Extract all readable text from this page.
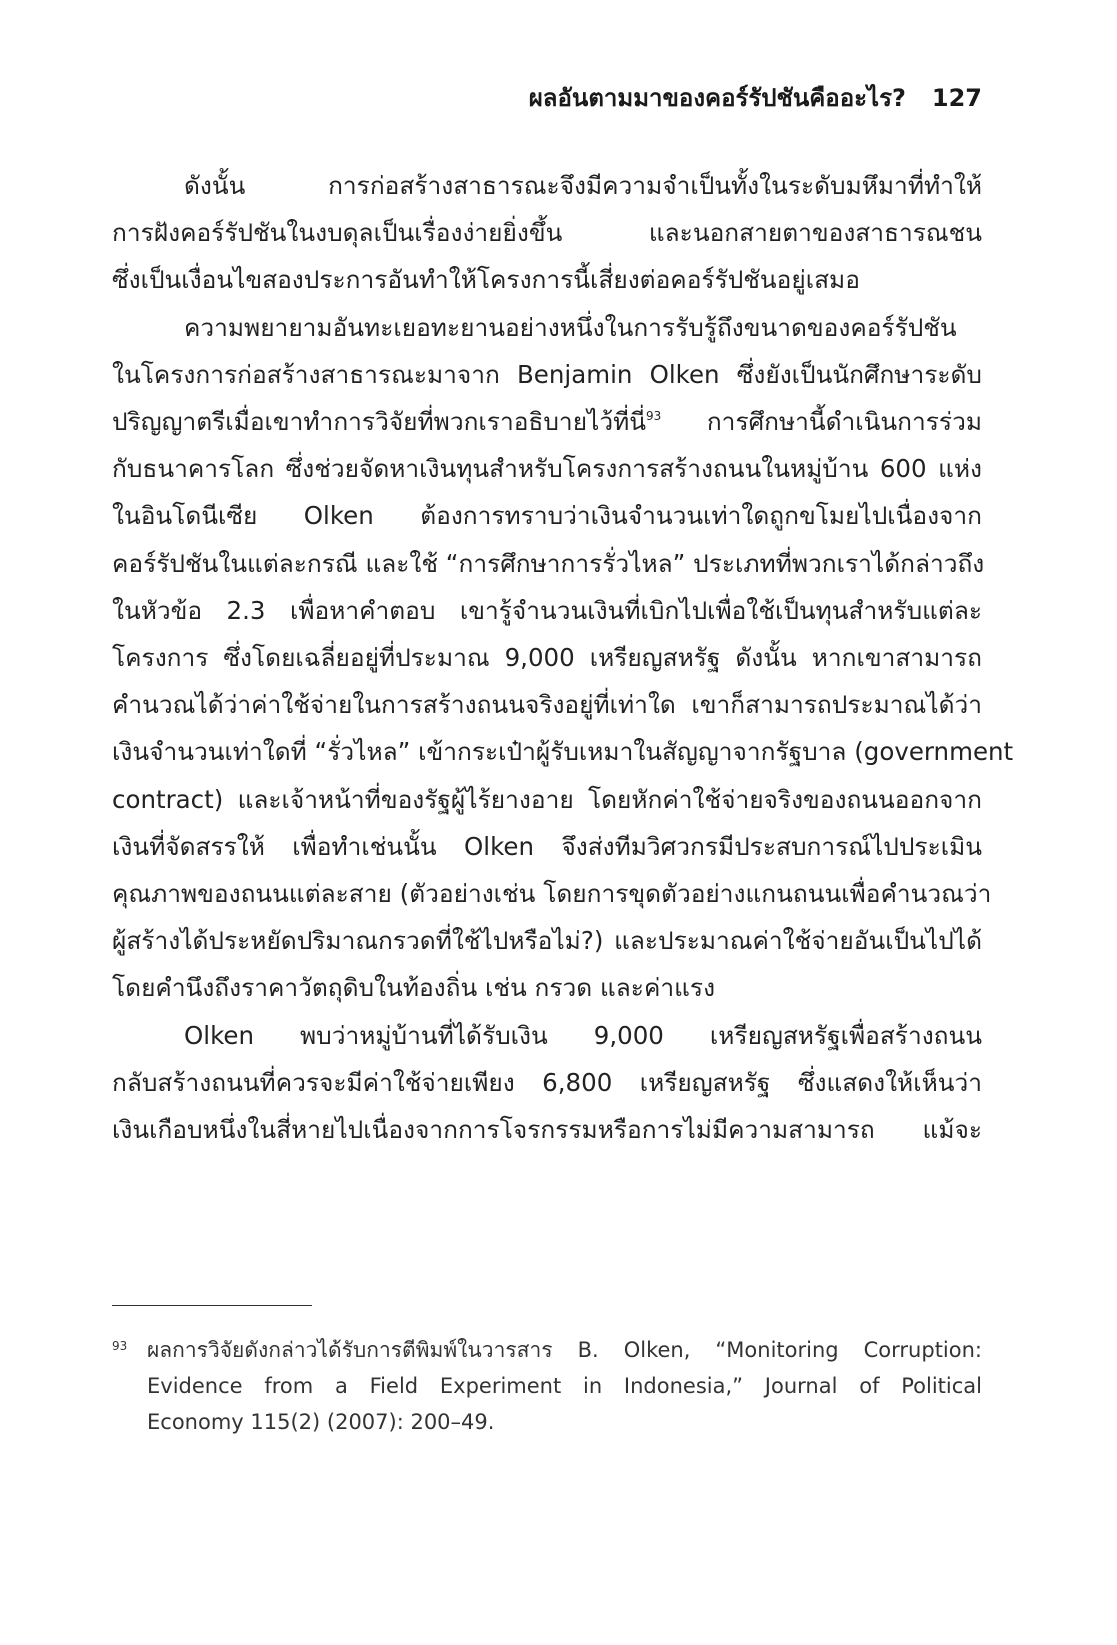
ผลอันตามมาของคอร์รัปชันคืออะไร? 127

ดังนั้น การก่อสร้างสาธารณะจึงมีความจำเป็นทั้งในระดับมหึมาที่ทำให้
การฝังคอร์รัปชันในงบดุลเป็นเรื่องง่ายยิ่งขึ้น และนอกสายตาของสาธารณชน
ซึ่งเป็นเงื่อนไขสองประการอันทำให้โครงการนี้เสี่ยงต่อคอร์รัปชันอยู่เสมอ

ความพยายามอันทะเยอทะยานอย่างหนึ่งในการรับรู้ถึงขนาดของคอร์รัปชัน
ในโครงการก่อสร้างสาธารณะมาจาก Benjamin Olken ซึ่งยังเป็นนักศึกษาระดับ
ปริญญาตรีเมื่อเขาทำการวิจัยที่พวกเราอธิบายไว้ที่นี่$^{93}$ การศึกษานี้ดำเนินการร่วม
กับธนาคารโลก ซึ่งช่วยจัดหาเงินทุนสำหรับโครงการสร้างถนนในหมู่บ้าน 600 แห่ง
ในอินโดนีเซีย Olken ต้องการทราบว่าเงินจำนวนเท่าใดถูกขโมยไปเนื่องจาก
คอร์รัปชันในแต่ละกรณี และใช้ “การศึกษาการรั่วไหล” ประเภทที่พวกเราได้กล่าวถึง
ในหัวข้อ 2.3 เพื่อหาคำตอบ เขารู้จำนวนเงินที่เบิกไปเพื่อใช้เป็นทุนสำหรับแต่ละ
โครงการ ซึ่งโดยเฉลี่ยอยู่ที่ประมาณ 9,000 เหรียญสหรัฐ ดังนั้น หากเขาสามารถ
คำนวณได้ว่าค่าใช้จ่ายในการสร้างถนนจริงอยู่ที่เท่าใด เขาก็สามารถประมาณได้ว่า
เงินจำนวนเท่าใดที่ “รั่วไหล” เข้ากระเป๋าผู้รับเหมาในสัญญาจากรัฐบาล (government
contract) และเจ้าหน้าที่ของรัฐผู้ไร้ยางอาย โดยหักค่าใช้จ่ายจริงของถนนออกจาก
เงินที่จัดสรรให้ เพื่อทำเช่นนั้น Olken จึงส่งทีมวิศวกรมีประสบการณ์ไปประเมิน
คุณภาพของถนนแต่ละสาย (ตัวอย่างเช่น โดยการขุดตัวอย่างแกนถนนเพื่อคำนวณว่า
ผู้สร้างได้ประหยัดปริมาณกรวดที่ใช้ไปหรือไม่?) และประมาณค่าใช้จ่ายอันเป็นไปได้
โดยคำนึงถึงราคาวัตถุดิบในท้องถิ่น เช่น กรวด และค่าแรง

Olken พบว่าหมู่บ้านที่ได้รับเงิน 9,000 เหรียญสหรัฐเพื่อสร้างถนน
กลับสร้างถนนที่ควรจะมีค่าใช้จ่ายเพียง 6,800 เหรียญสหรัฐ ซึ่งแสดงให้เห็นว่า
เงินเกือบหนึ่งในสี่หายไปเนื่องจากการโจรกรรมหรือการไม่มีความสามารถ แม้จะ

93 ผลการวิจัยดังกล่าวได้รับการตีพิมพ์ในวารสาร B. Olken, “Monitoring Corruption:
Evidence from a Field Experiment in Indonesia,” Journal of Political
Economy 115(2) (2007): 200–49.
